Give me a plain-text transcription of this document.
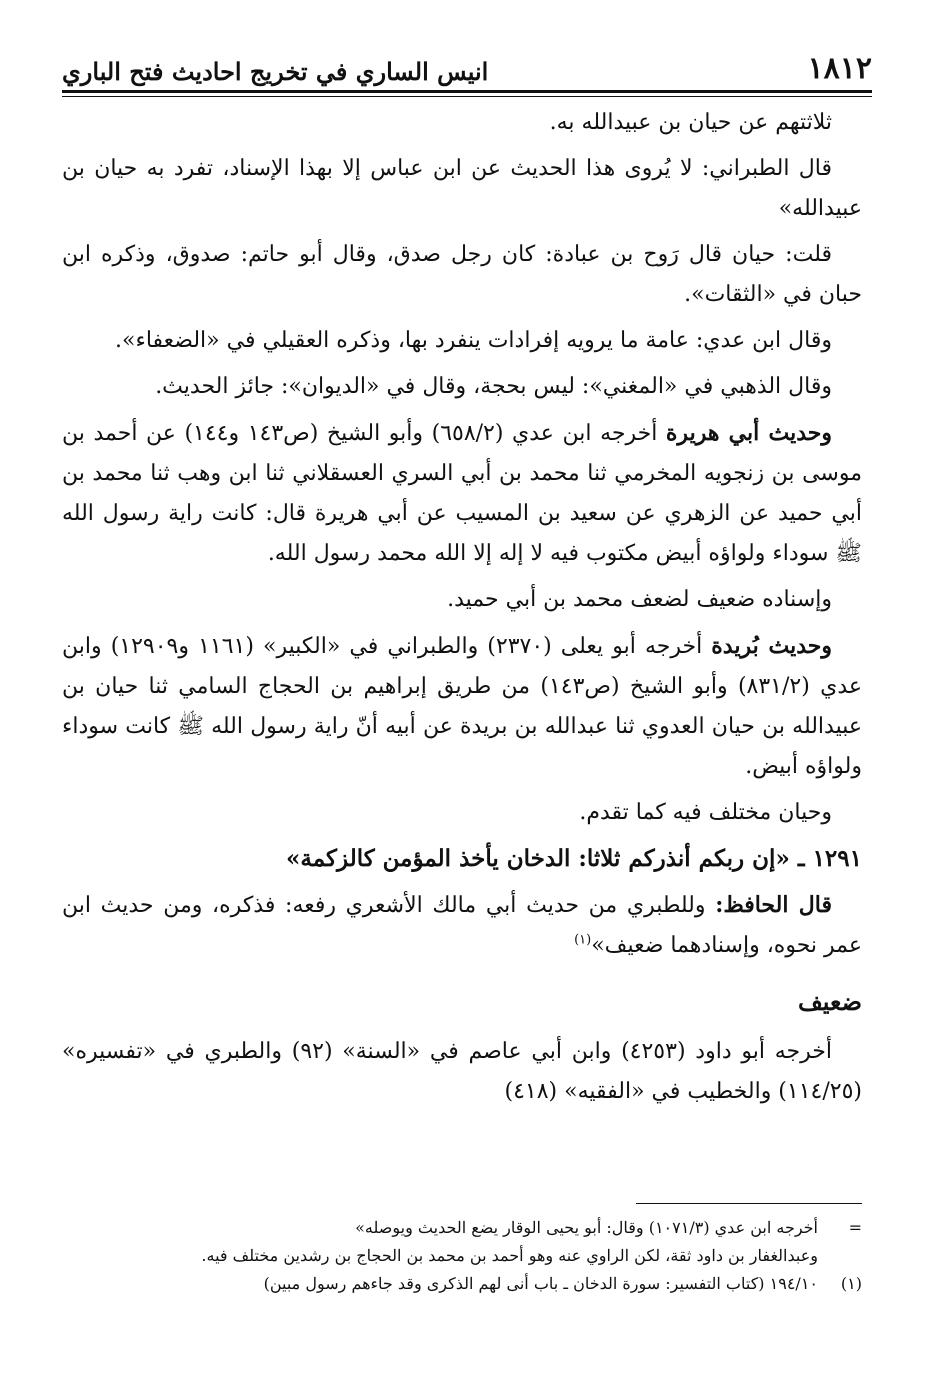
١٨١٢
انيس الساري في تخريج احاديث فتح الباري

ثلاثتهم عن حيان بن عبيدالله به.

قال الطبراني: لا يُروى هذا الحديث عن ابن عباس إلا بهذا الإسناد، تفرد به حيان بن عبيدالله»

قلت: حيان قال رَوح بن عبادة: كان رجل صدق، وقال أبو حاتم: صدوق، وذكره ابن حبان في «الثقات».

وقال ابن عدي: عامة ما يرويه إفرادات ينفرد بها، وذكره العقيلي في «الضعفاء».

وقال الذهبي في «المغني»: ليس بحجة، وقال في «الديوان»: جائز الحديث.

وحديث أبي هريرة أخرجه ابن عدي (٦٥٨/٢) وأبو الشيخ (ص١٤٣ و١٤٤) عن أحمد بن موسى بن زنجويه المخرمي ثنا محمد بن أبي السري العسقلاني ثنا ابن وهب ثنا محمد بن أبي حميد عن الزهري عن سعيد بن المسيب عن أبي هريرة قال: كانت راية رسول الله ﷺ سوداء ولواؤه أبيض مكتوب فيه لا إله إلا الله محمد رسول الله.

وإسناده ضعيف لضعف محمد بن أبي حميد.

وحديث بُريدة أخرجه أبو يعلى (٢٣٧٠) والطبراني في «الكبير» (١١٦١ و١٢٩٠٩) وابن عدي (٨٣١/٢) وأبو الشيخ (ص١٤٣) من طريق إبراهيم بن الحجاج السامي ثنا حيان بن عبيدالله بن حيان العدوي ثنا عبدالله بن بريدة عن أبيه أنّ راية رسول الله ﷺ كانت سوداء ولواؤه أبيض.

وحيان مختلف فيه كما تقدم.

١٢٩١ ـ «إن ربكم أنذركم ثلاثا: الدخان يأخذ المؤمن كالزكمة»

قال الحافظ: وللطبري من حديث أبي مالك الأشعري رفعه: فذكره، ومن حديث ابن عمر نحوه، وإسنادهما ضعيف»$^{(١)}$

ضعيف

أخرجه أبو داود (٤٢٥٣) وابن أبي عاصم في «السنة» (٩٢) والطبري في «تفسيره» (١١٤/٢٥) والخطيب في «الفقيه» (٤١٨)

=
أخرجه ابن عدي (١٠٧١/٣) وقال: أبو يحيى الوقار يضع الحديث ويوصله»
وعبدالغفار بن داود ثقة، لكن الراوي عنه وهو أحمد بن محمد بن الحجاج بن رشدين مختلف فيه.
(١)
١٩٤/١٠ (كتاب التفسير: سورة الدخان ـ باب أنى لهم الذكرى وقد جاءهم رسول مبين)
